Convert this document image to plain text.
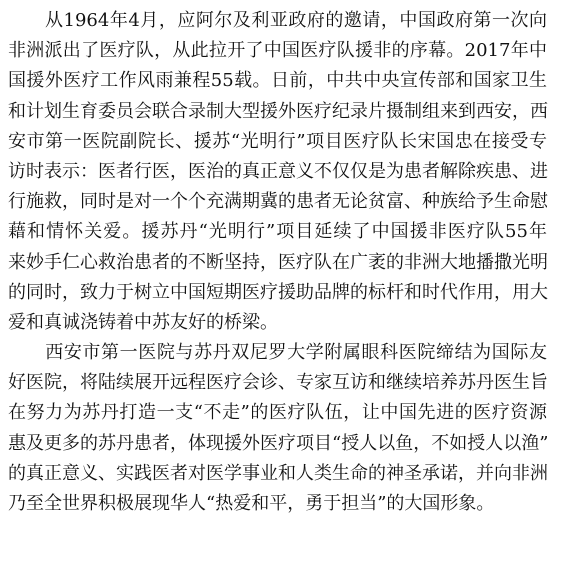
　　从1964年4月，应阿尔及利亚政府的邀请，中国政府第一次向
非洲派出了医疗队，从此拉开了中国医疗队援非的序幕。2017年中
国援外医疗工作风雨兼程55载。日前，中共中央宣传部和国家卫生
和计划生育委员会联合录制大型援外医疗纪录片摄制组来到西安，西
安市第一医院副院长、援苏“光明行”项目医疗队长宋国忠在接受专
访时表示：医者行医，医治的真正意义不仅仅是为患者解除疾患、进
行施救，同时是对一个个充满期冀的患者无论贫富、种族给予生命慰
藉和情怀关爱。援苏丹“光明行”项目延续了中国援非医疗队55年
来妙手仁心救治患者的不断坚持，医疗队在广袤的非洲大地播撒光明
的同时，致力于树立中国短期医疗援助品牌的标杆和时代作用，用大
爱和真诚浇铸着中苏友好的桥梁。
　　西安市第一医院与苏丹双尼罗大学附属眼科医院缔结为国际友
好医院，将陆续展开远程医疗会诊、专家互访和继续培养苏丹医生旨
在努力为苏丹打造一支“不走”的医疗队伍，让中国先进的医疗资源
惠及更多的苏丹患者，体现援外医疗项目“授人以鱼，不如授人以渔”
的真正意义、实践医者对医学事业和人类生命的神圣承诺，并向非洲
乃至全世界积极展现华人“热爱和平，勇于担当”的大国形象。
